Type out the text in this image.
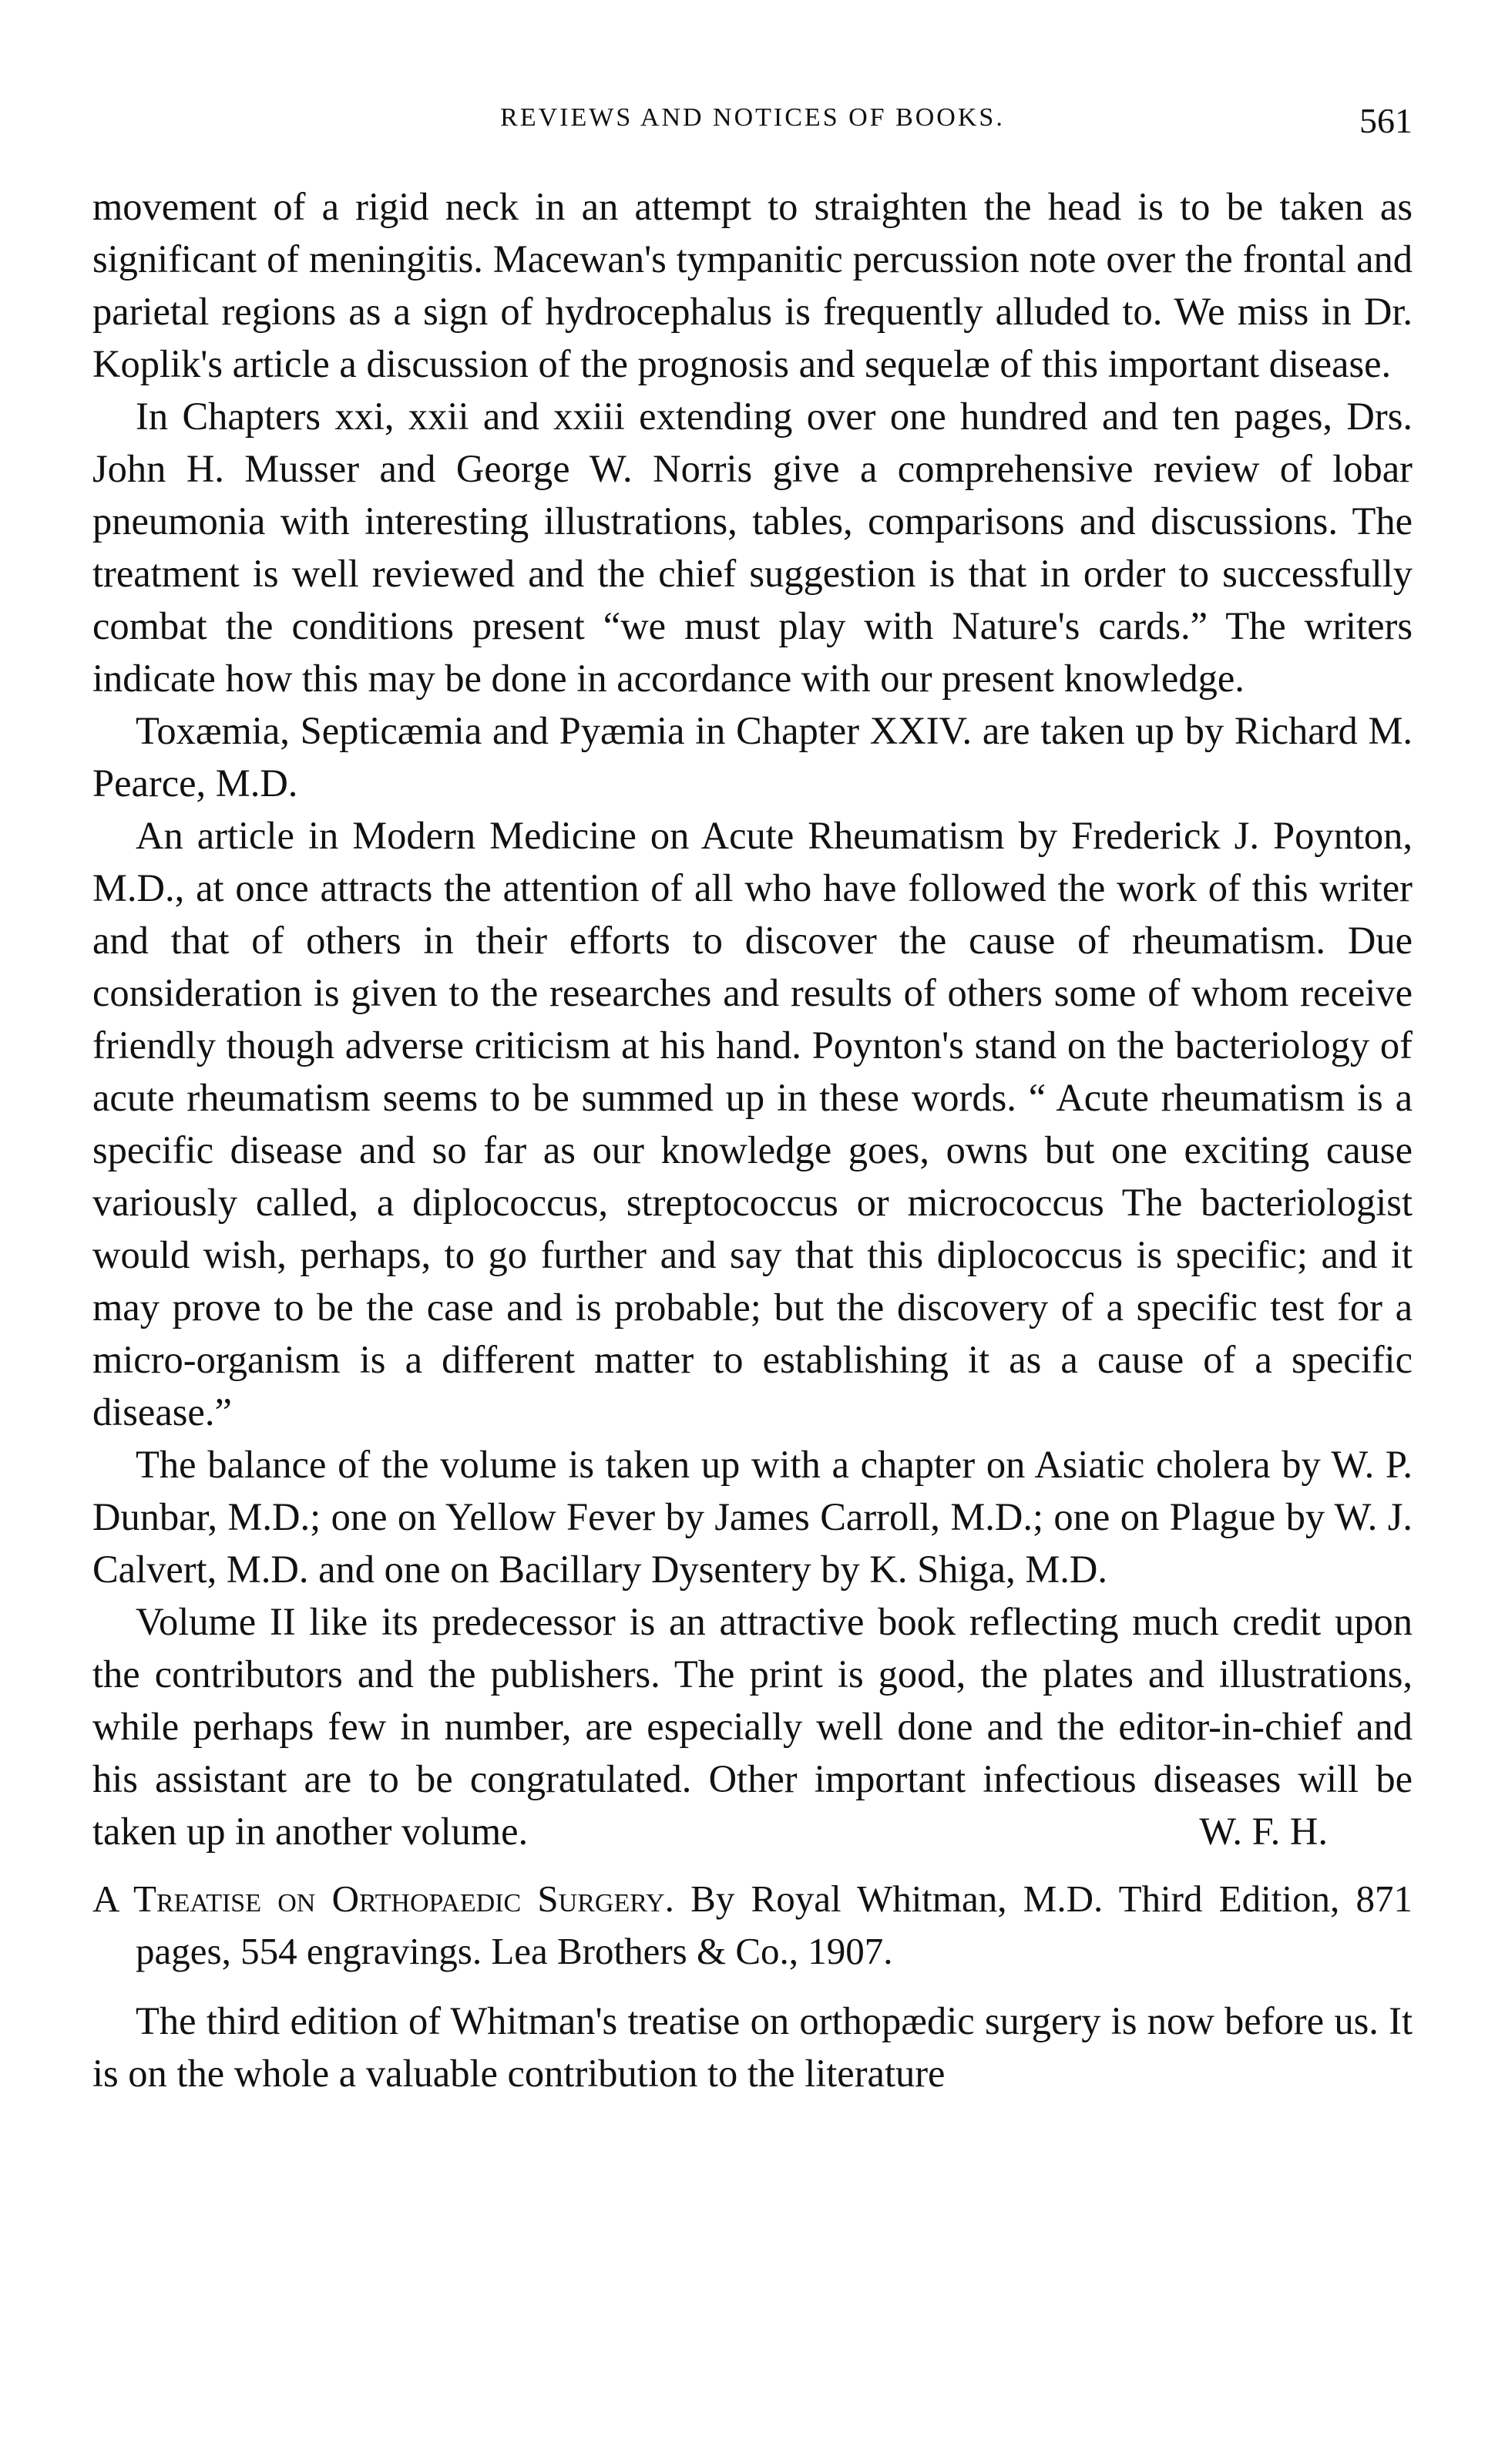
REVIEWS AND NOTICES OF BOOKS.	561

movement of a rigid neck in an attempt to straighten the head is to be taken as significant of meningitis. Macewan's tympanitic percussion note over the frontal and parietal regions as a sign of hydrocephalus is frequently alluded to. We miss in Dr. Koplik's article a discussion of the prognosis and sequelæ of this important disease.

In Chapters xxi, xxii and xxiii extending over one hundred and ten pages, Drs. John H. Musser and George W. Norris give a comprehensive review of lobar pneumonia with interesting illustrations, tables, comparisons and discussions. The treatment is well reviewed and the chief suggestion is that in order to successfully combat the conditions present “we must play with Nature's cards.” The writers indicate how this may be done in accordance with our present knowledge.

Toxæmia, Septicæmia and Pyæmia in Chapter XXIV. are taken up by Richard M. Pearce, M.D.

An article in Modern Medicine on Acute Rheumatism by Frederick J. Poynton, M.D., at once attracts the attention of all who have followed the work of this writer and that of others in their efforts to discover the cause of rheumatism. Due consideration is given to the researches and results of others some of whom receive friendly though adverse criticism at his hand. Poynton's stand on the bacteriology of acute rheumatism seems to be summed up in these words. “ Acute rheumatism is a specific disease and so far as our knowledge goes, owns but one exciting cause variously called, a diplococcus, streptococcus or micrococcus The bacteriologist would wish, perhaps, to go further and say that this diplococcus is specific; and it may prove to be the case and is probable; but the discovery of a specific test for a micro-organism is a different matter to establishing it as a cause of a specific disease.”

The balance of the volume is taken up with a chapter on Asiatic cholera by W. P. Dunbar, M.D.; one on Yellow Fever by James Carroll, M.D.; one on Plague by W. J. Calvert, M.D. and one on Bacillary Dysentery by K. Shiga, M.D.

Volume II like its predecessor is an attractive book reflecting much credit upon the contributors and the publishers. The print is good, the plates and illustrations, while perhaps few in number, are especially well done and the editor-in-chief and his assistant are to be congratulated. Other important infectious diseases will be taken up in another volume.	W. F. H.

A Treatise on Orthopaedic Surgery. By Royal Whitman, M.D. Third Edition, 871 pages, 554 engravings. Lea Brothers & Co., 1907.

The third edition of Whitman's treatise on orthopædic surgery is now before us. It is on the whole a valuable contribution to the literature
